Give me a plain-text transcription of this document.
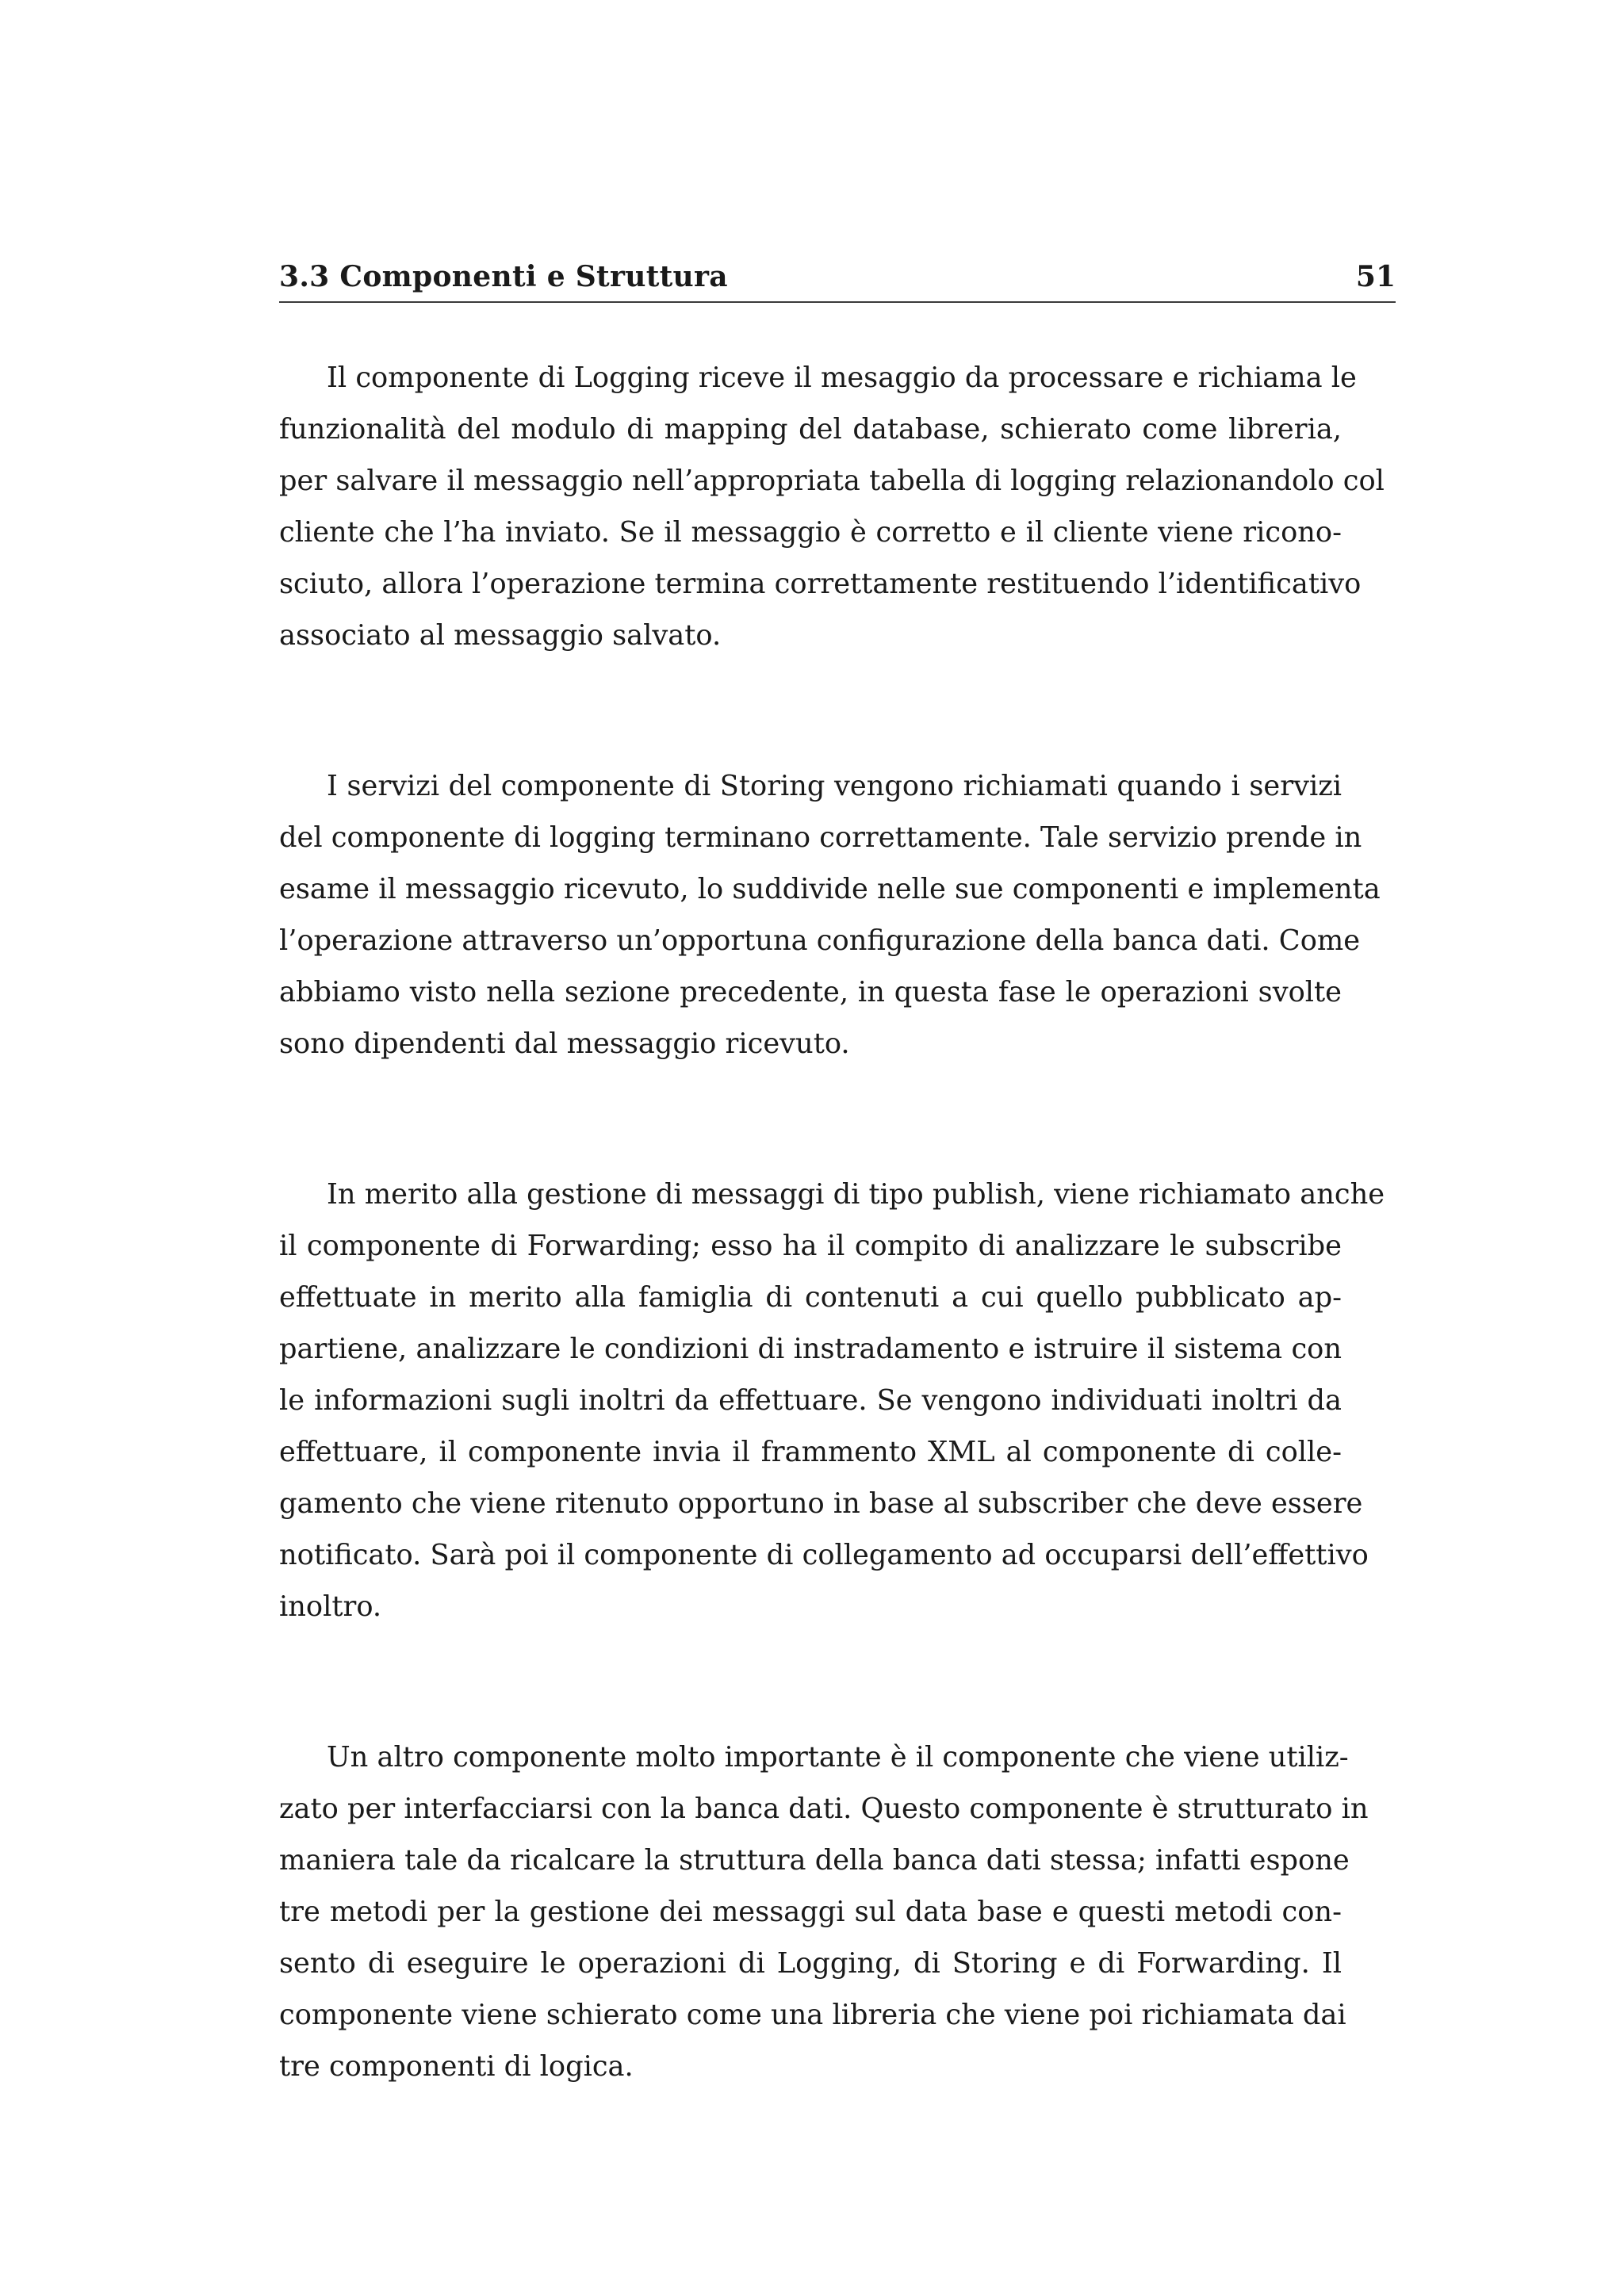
3.3 Componenti e Struttura	51
Il componente di Logging riceve il mesaggio da processare e richiama le
funzionalità del modulo di mapping del database, schierato come libreria,
per salvare il messaggio nell’appropriata tabella di logging relazionandolo col
cliente che l’ha inviato. Se il messaggio è corretto e il cliente viene ricono-
sciuto, allora l’operazione termina correttamente restituendo l’identificativo
associato al messaggio salvato.
I servizi del componente di Storing vengono richiamati quando i servizi
del componente di logging terminano correttamente. Tale servizio prende in
esame il messaggio ricevuto, lo suddivide nelle sue componenti e implementa
l’operazione attraverso un’opportuna configurazione della banca dati. Come
abbiamo visto nella sezione precedente, in questa fase le operazioni svolte
sono dipendenti dal messaggio ricevuto.
In merito alla gestione di messaggi di tipo publish, viene richiamato anche
il componente di Forwarding; esso ha il compito di analizzare le subscribe
effettuate in merito alla famiglia di contenuti a cui quello pubblicato ap-
partiene, analizzare le condizioni di instradamento e istruire il sistema con
le informazioni sugli inoltri da effettuare. Se vengono individuati inoltri da
effettuare, il componente invia il frammento XML al componente di colle-
gamento che viene ritenuto opportuno in base al subscriber che deve essere
notificato. Sarà poi il componente di collegamento ad occuparsi dell’effettivo
inoltro.
Un altro componente molto importante è il componente che viene utiliz-
zato per interfacciarsi con la banca dati. Questo componente è strutturato in
maniera tale da ricalcare la struttura della banca dati stessa; infatti espone
tre metodi per la gestione dei messaggi sul data base e questi metodi con-
sento di eseguire le operazioni di Logging, di Storing e di Forwarding. Il
componente viene schierato come una libreria che viene poi richiamata dai
tre componenti di logica.
